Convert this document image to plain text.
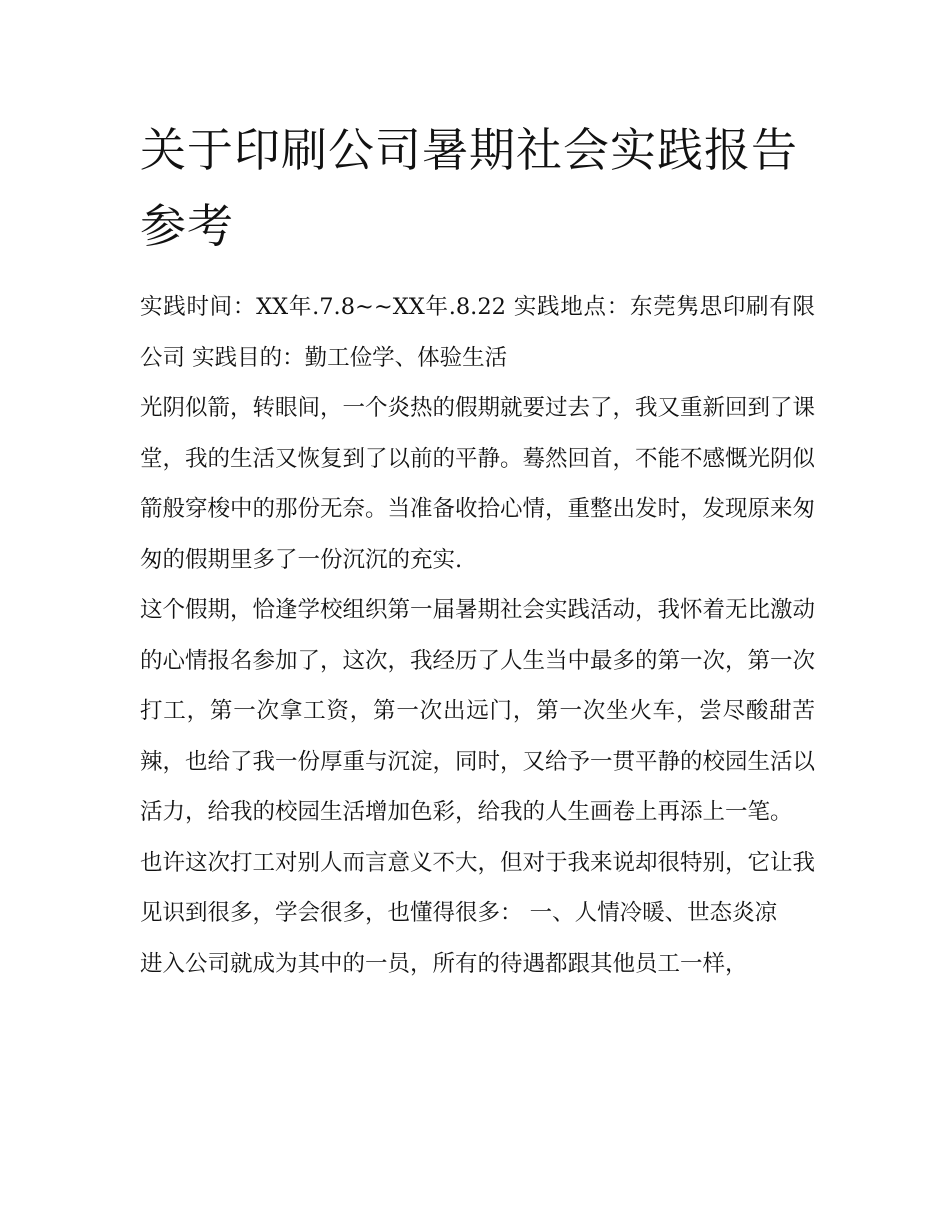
关于印刷公司暑期社会实践报告参考

实践时间：XX年.7.8~~XX年.8.22 实践地点：东莞隽思印刷有限公司 实践目的：勤工俭学、体验生活

光阴似箭，转眼间，一个炎热的假期就要过去了，我又重新回到了课堂，我的生活又恢复到了以前的平静。蓦然回首，不能不感慨光阴似箭般穿梭中的那份无奈。当准备收拾心情，重整出发时，发现原来匆匆的假期里多了一份沉沉的充实.

这个假期，恰逢学校组织第一届暑期社会实践活动，我怀着无比激动的心情报名参加了，这次，我经历了人生当中最多的第一次，第一次打工，第一次拿工资，第一次出远门，第一次坐火车，尝尽酸甜苦辣，也给了我一份厚重与沉淀，同时，又给予一贯平静的校园生活以活力，给我的校园生活增加色彩，给我的人生画卷上再添上一笔。

也许这次打工对别人而言意义不大，但对于我来说却很特别，它让我见识到很多，学会很多，也懂得很多： 一、人情冷暖、世态炎凉

进入公司就成为其中的一员，所有的待遇都跟其他员工一样，
